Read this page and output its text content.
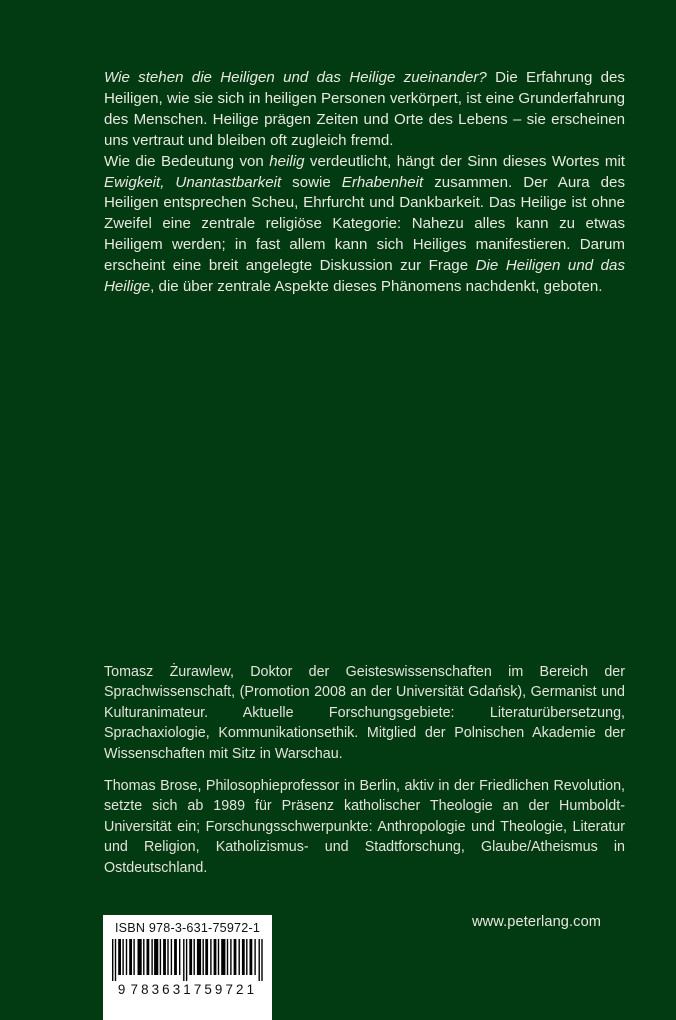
Wie stehen die Heiligen und das Heilige zueinander? Die Erfahrung des Heiligen, wie sie sich in heiligen Personen verkörpert, ist eine Grunderfahrung des Menschen. Heilige prägen Zeiten und Orte des Lebens – sie erscheinen uns vertraut und bleiben oft zugleich fremd.

Wie die Bedeutung von heilig verdeutlicht, hängt der Sinn dieses Wortes mit Ewigkeit, Unantastbarkeit sowie Erhabenheit zusammen. Der Aura des Heiligen entsprechen Scheu, Ehrfurcht und Dankbarkeit. Das Heilige ist ohne Zweifel eine zentrale religiöse Kategorie: Nahezu alles kann zu etwas Heiligem werden; in fast allem kann sich Heiliges manifestieren. Darum erscheint eine breit angelegte Diskussion zur Frage Die Heiligen und das Heilige, die über zentrale Aspekte dieses Phänomens nachdenkt, geboten.

Tomasz Żurawlew, Doktor der Geisteswissenschaften im Bereich der Sprachwissenschaft, (Promotion 2008 an der Universität Gdańsk), Germanist und Kulturanimateur. Aktuelle Forschungsgebiete: Literaturübersetzung, Sprachaxiologie, Kommunikationsethik. Mitglied der Polnischen Akademie der Wissenschaften mit Sitz in Warschau.

Thomas Brose, Philosophieprofessor in Berlin, aktiv in der Friedlichen Revolution, setzte sich ab 1989 für Präsenz katholischer Theologie an der Humboldt-Universität ein; Forschungsschwerpunkte: Anthropologie und Theologie, Literatur und Religion, Katholizismus- und Stadtforschung, Glaube/Atheismus in Ostdeutschland.

www.peterlang.com
ISBN 978-3-631-75972-1
9 783631759721
